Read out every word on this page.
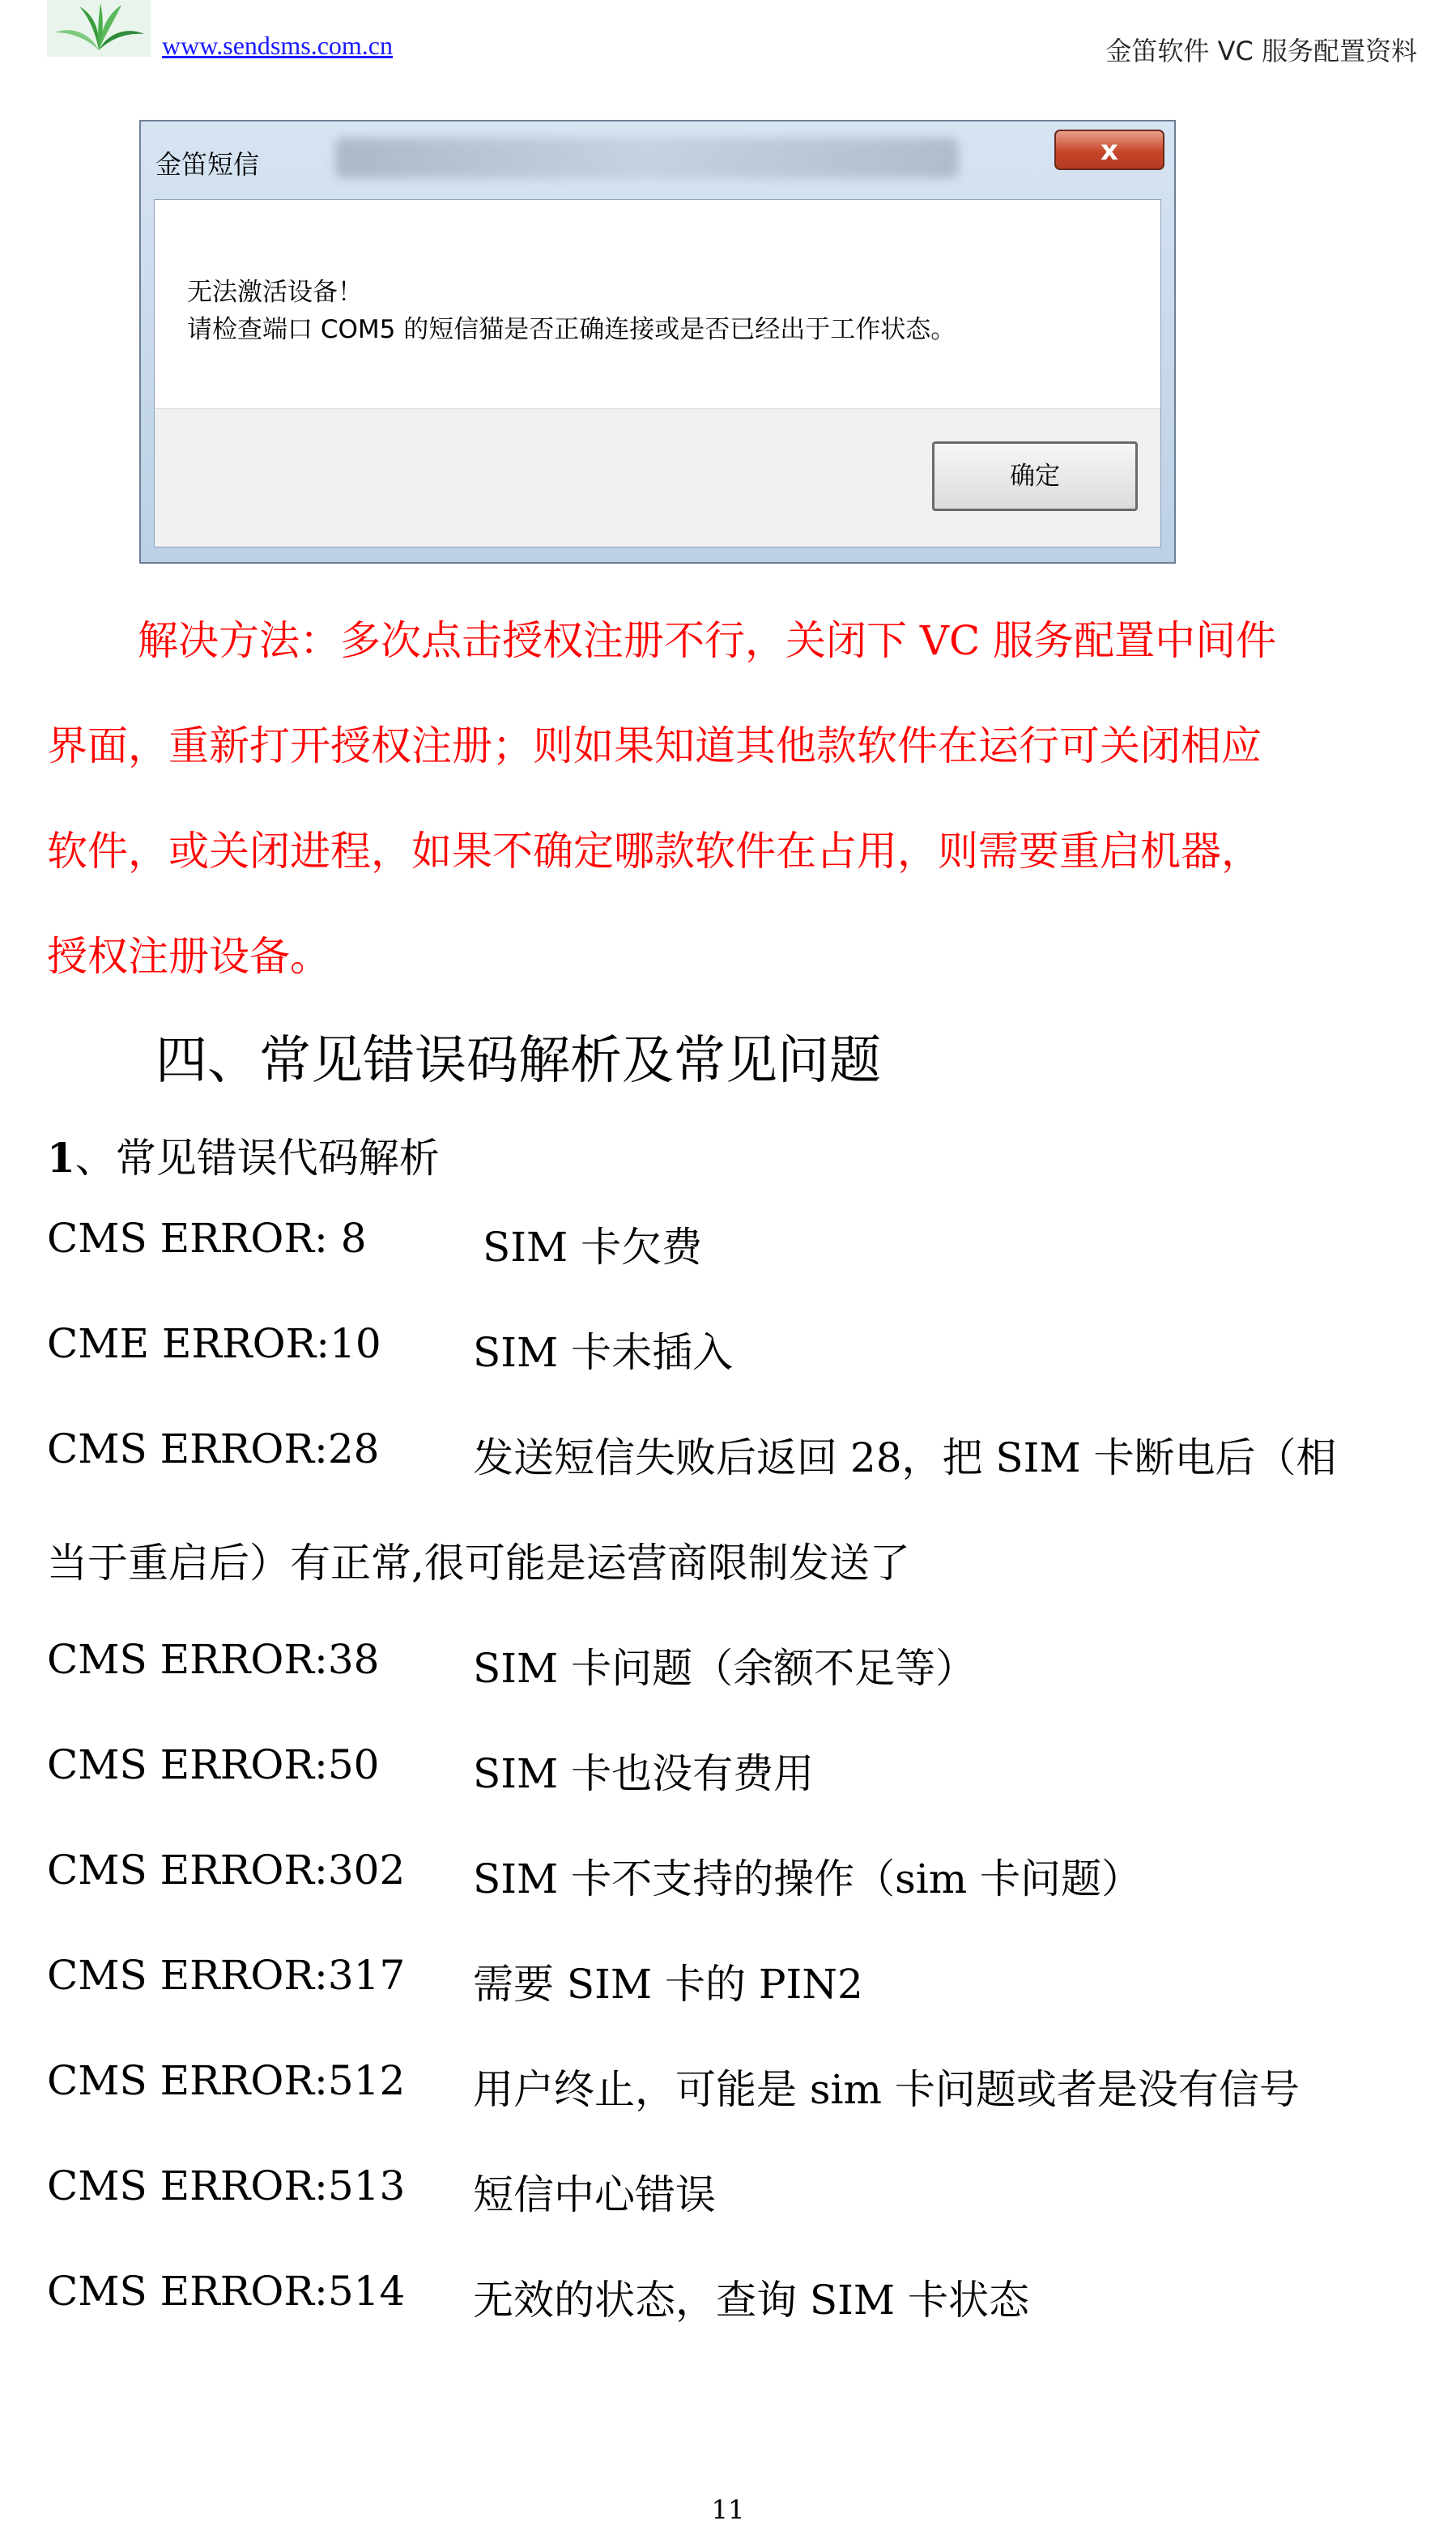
www.sendsms.com.cn	金笛软件 VC 服务配置资料
金笛短信	x
无法激活设备！
请检查端口 COM5 的短信猫是否正确连接或是否已经出于工作状态。
确定
解决方法：多次点击授权注册不行，关闭下 VC 服务配置中间件
界面，重新打开授权注册；则如果知道其他款软件在运行可关闭相应
软件，或关闭进程，如果不确定哪款软件在占用，则需要重启机器，
授权注册设备。
四、常见错误码解析及常见问题
1、常见错误代码解析
CMS ERROR: 8	SIM 卡欠费
CME ERROR:10 SIM 卡未插入
CMS ERROR:28 发送短信失败后返回 28，把 SIM 卡断电后（相
当于重启后）有正常,很可能是运营商限制发送了
CMS ERROR:38 SIM 卡问题（余额不足等）
CMS ERROR:50 SIM 卡也没有费用
CMS ERROR:302 SIM 卡不支持的操作（sim 卡问题）
CMS ERROR:317 需要 SIM 卡的 PIN2
CMS ERROR:512 用户终止，可能是 sim 卡问题或者是没有信号
CMS ERROR:513 短信中心错误
CMS ERROR:514 无效的状态，查询 SIM 卡状态
11
